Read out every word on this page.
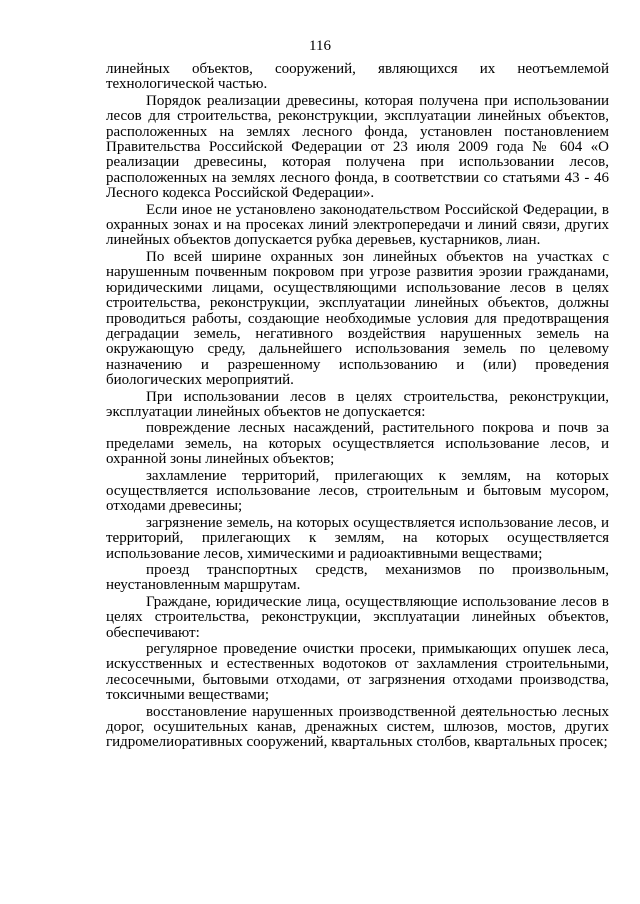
116

линейных объектов, сооружений, являющихся их неотъемлемой технологической частью.

Порядок реализации древесины, которая получена при использовании лесов для строительства, реконструкции, эксплуатации линейных объектов, расположенных на землях лесного фонда, установлен постановлением Правительства Российской Федерации от 23 июля 2009 года № 604 «О реализации древесины, которая получена при использовании лесов, расположенных на землях лесного фонда, в соответствии со статьями 43 - 46 Лесного кодекса Российской Федерации».

Если иное не установлено законодательством Российской Федерации, в охранных зонах и на просеках линий электропередачи и линий связи, других линейных объектов допускается рубка деревьев, кустарников, лиан.

По всей ширине охранных зон линейных объектов на участках с нарушенным почвенным покровом при угрозе развития эрозии гражданами, юридическими лицами, осуществляющими использование лесов в целях строительства, реконструкции, эксплуатации линейных объектов, должны проводиться работы, создающие необходимые условия для предотвращения деградации земель, негативного воздействия нарушенных земель на окружающую среду, дальнейшего использования земель по целевому назначению и разрешенному использованию и (или) проведения биологических мероприятий.

При использовании лесов в целях строительства, реконструкции, эксплуатации линейных объектов не допускается:

повреждение лесных насаждений, растительного покрова и почв за пределами земель, на которых осуществляется использование лесов, и охранной зоны линейных объектов;

захламление территорий, прилегающих к землям, на которых осуществляется использование лесов, строительным и бытовым мусором, отходами древесины;

загрязнение земель, на которых осуществляется использование лесов, и территорий, прилегающих к землям, на которых осуществляется использование лесов, химическими и радиоактивными веществами;

проезд транспортных средств, механизмов по произвольным, неустановленным маршрутам.

Граждане, юридические лица, осуществляющие использование лесов в целях строительства, реконструкции, эксплуатации линейных объектов, обеспечивают:

регулярное проведение очистки просеки, примыкающих опушек леса, искусственных и естественных водотоков от захламления строительными, лесосечными, бытовыми отходами, от загрязнения отходами производства, токсичными веществами;

восстановление нарушенных производственной деятельностью лесных дорог, осушительных канав, дренажных систем, шлюзов, мостов, других гидромелиоративных сооружений, квартальных столбов, квартальных просек;
